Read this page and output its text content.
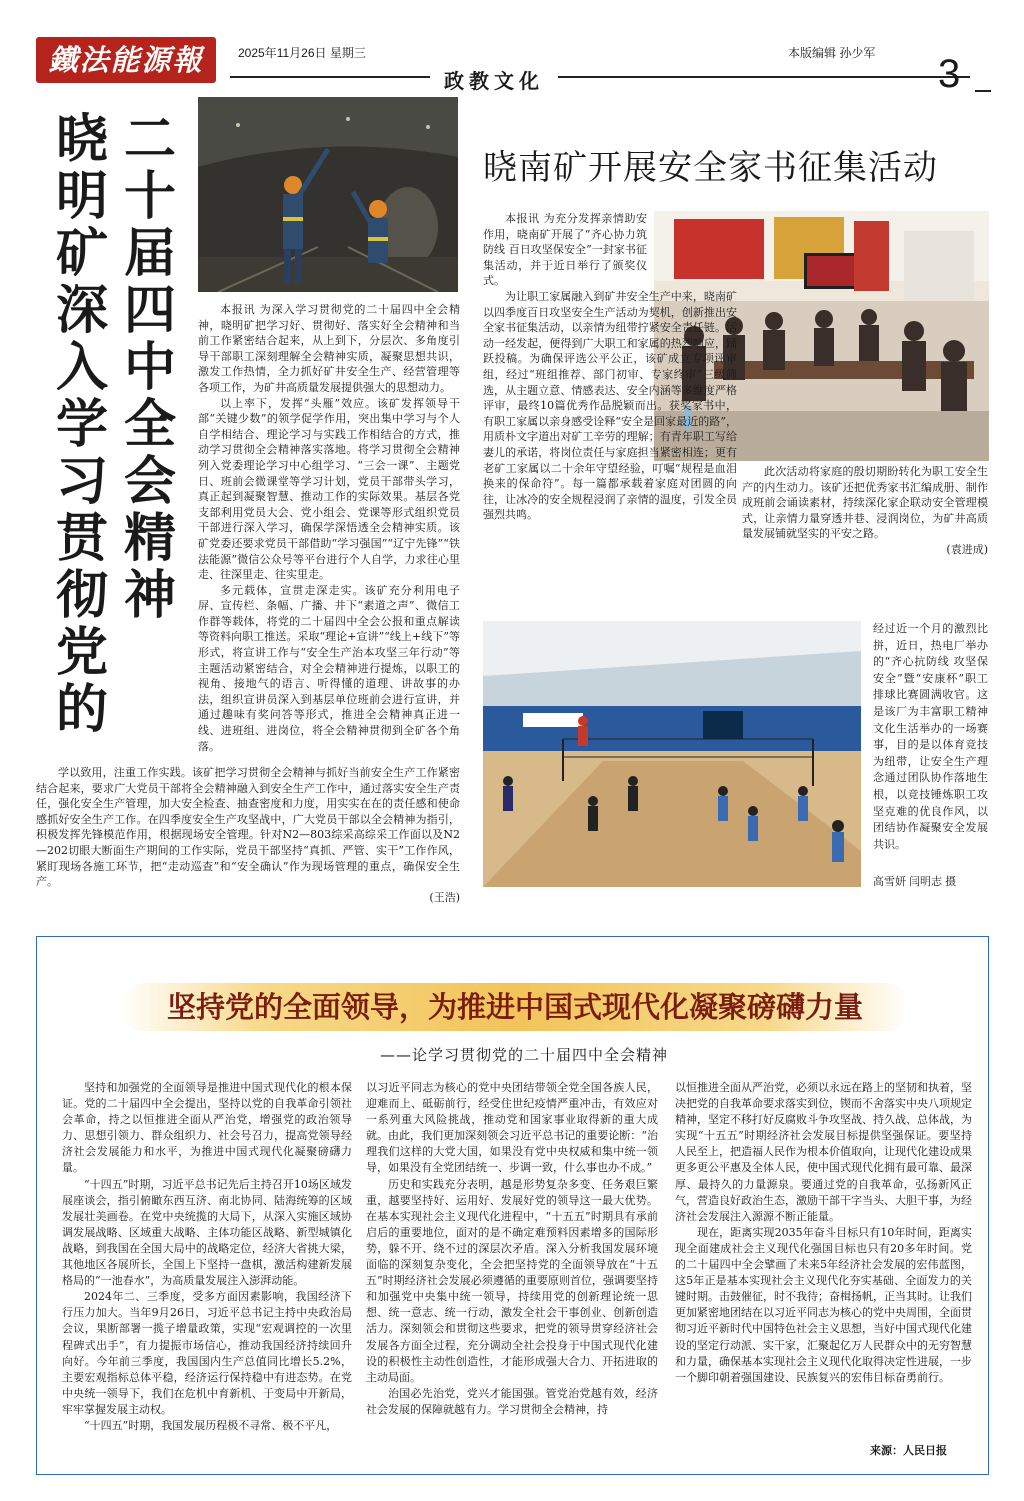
鐵法能源報	2025年11月26日 星期三	本版编辑 孙少军
政教文化	3
晓明矿深入学习贯彻党的
二十届四中全会精神

本报讯 为深入学习贯彻党的二十届四中全会精神，晓明矿把学习好、贯彻好、落实好全会精神和当前工作紧密结合起来，从上到下，分层次、多角度引导干部职工深刻理解全会精神实质，凝聚思想共识，激发工作热情，全力抓好矿井安全生产、经营管理等各项工作，为矿井高质量发展提供强大的思想动力。

以上率下，发挥“头雁”效应。该矿发挥领导干部“关键少数”的领学促学作用，突出集中学习与个人自学相结合、理论学习与实践工作相结合的方式，推动学习贯彻全会精神落实落地。将学习贯彻全会精神列入党委理论学习中心组学习、“三会一课”、主题党日、班前会微课堂等学习计划，党员干部带头学习，真正起到凝聚智慧、推动工作的实际效果。基层各党支部利用党员大会、党小组会、党课等形式组织党员干部进行深入学习，确保学深悟透全会精神实质。该矿党委还要求党员干部借助“学习强国”“辽宁先锋”“铁法能源”微信公众号等平台进行个人自学，力求往心里走、往深里走、往实里走。

多元载体，宣贯走深走实。该矿充分利用电子屏、宣传栏、条幅、广播、井下“素道之声”、微信工作群等载体，将党的二十届四中全会公报和重点解读等资料向职工推送。采取“理论+宣讲”“线上+线下”等形式，将宣讲工作与“安全生产治本攻坚三年行动”等主题活动紧密结合，对全会精神进行提炼，以职工的视角、接地气的语言、听得懂的道理、讲故事的办法，组织宣讲员深入到基层单位班前会进行宣讲，并通过趣味有奖问答等形式，推进全会精神真正进一线、进班组、进岗位，将全会精神贯彻到全矿各个角落。

学以致用，注重工作实践。该矿把学习贯彻全会精神与抓好当前安全生产工作紧密结合起来，要求广大党员干部将全会精神融入到安全生产工作中，通过落实安全生产责任，强化安全生产管理，加大安全检查、抽查密度和力度，用实实在在的责任感和使命感抓好安全生产工作。在四季度安全生产攻坚战中，广大党员干部以全会精神为指引，积极发挥先锋模范作用，根据现场安全管理。针对N2—803综采高综采工作面以及N2—202切眼大断面生产期间的工作实际，党员干部坚持“真抓、严管、实干”工作作风，紧盯现场各施工环节，把“走动巡查”和“安全确认”作为现场管理的重点，确保安全生产。

(王浩)
晓南矿开展安全家书征集活动

本报讯 为充分发挥亲情助安作用，晓南矿开展了“齐心协力筑防线 百日攻坚保安全”一封家书征集活动，并于近日举行了颁奖仪式。

为让职工家属融入到矿井安全生产中来，晓南矿以四季度百日攻坚安全生产活动为契机，创新推出安全家书征集活动，以亲情为纽带拧紧安全责任链。活动一经发起，便得到广大职工和家属的热烈响应，踊跃投稿。为确保评选公平公正，该矿成立专项评审组，经过“班组推荐、部门初审、专家终审”三级筛选，从主题立意、情感表达、安全内涵等多维度严格评审，最终10篇优秀作品脱颖而出。获奖家书中，有职工家属以亲身感受诠释“安全是回家最近的路”，用质朴文字道出对矿工辛劳的理解；有青年职工写给妻儿的承诺，将岗位责任与家庭担当紧密相连；更有老矿工家属以二十余年守望经验，叮嘱“规程是血泪换来的保命符”。每一篇都承载着家庭对团圆的向往，让冰冷的安全规程浸润了亲情的温度，引发全员强烈共鸣。

此次活动将家庭的殷切期盼转化为职工安全生产的内生动力。该矿还把优秀家书汇编成册、制作成班前会诵读素材，持续深化家企联动安全管理模式，让亲情力量穿透井巷、浸润岗位，为矿井高质量发展铺就坚实的平安之路。

(袁进成)
经过近一个月的激烈比拼，近日，热电厂举办的“齐心抗防线 攻坚保安全”暨“安康杯”职工排球比赛圆满收官。这是该厂为丰富职工精神文化生活举办的一场赛事，目的是以体育竞技为纽带，让安全生产理念通过团队协作落地生根，以竞技锤炼职工攻坚克难的优良作风，以团结协作凝聚安全发展共识。
高雪妍 闫明志 摄
坚持党的全面领导，为推进中国式现代化凝聚磅礴力量
——论学习贯彻党的二十届四中全会精神

坚持和加强党的全面领导是推进中国式现代化的根本保证。党的二十届四中全会提出，坚持以党的自我革命引领社会革命，持之以恒推进全面从严治党，增强党的政治领导力、思想引领力、群众组织力、社会号召力，提高党领导经济社会发展能力和水平，为推进中国式现代化凝聚磅礴力量。

“十四五”时期，习近平总书记先后主持召开10场区域发展座谈会，指引俯瞰东西互济、南北协同、陆海统筹的区域发展壮美画卷。在党中央统揽的大局下，从深入实施区域协调发展战略、区域重大战略、主体功能区战略、新型城镇化战略，到我国在全国大局中的战略定位，经济大省挑大梁，其他地区各展所长，全国上下坚持一盘棋，激活构建新发展格局的“一池春水”，为高质量发展注入澎湃动能。

2024年二、三季度，受多方面因素影响，我国经济下行压力加大。当年9月26日，习近平总书记主持中央政治局会议，果断部署一揽子增量政策，实现“宏观调控的一次里程碑式出手”，有力提振市场信心，推动我国经济持续回升向好。今年前三季度，我国国内生产总值同比增长5.2%，主要宏观指标总体平稳，经济运行保持稳中有进态势。在党中央统一领导下，我们在危机中育新机、于变局中开新局，牢牢掌握发展主动权。

“十四五”时期，我国发展历程极不寻常、极不平凡，

以习近平同志为核心的党中央团结带领全党全国各族人民，迎难而上、砥砺前行，经受住世纪疫情严重冲击，有效应对一系列重大风险挑战，推动党和国家事业取得新的重大成就。由此，我们更加深刻领会习近平总书记的重要论断：“治理我们这样的大党大国，如果没有党中央权威和集中统一领导，如果没有全党团结统一、步调一致，什么事也办不成。”

历史和实践充分表明，越是形势复杂多变、任务艰巨繁重，越要坚持好、运用好、发展好党的领导这一最大优势。在基本实现社会主义现代化进程中，“十五五”时期具有承前启后的重要地位，面对的是不确定难预料因素增多的国际形势，躲不开、绕不过的深层次矛盾。深入分析我国发展环境面临的深刻复杂变化，全会把坚持党的全面领导放在“十五五”时期经济社会发展必须遵循的重要原则首位，强调要坚持和加强党中央集中统一领导，持续用党的创新理论统一思想、统一意志、统一行动，激发全社会干事创业、创新创造活力。深刻领会和贯彻这些要求，把党的领导贯穿经济社会发展各方面全过程，充分调动全社会投身于中国式现代化建设的积极性主动性创造性，才能形成强大合力、开拓进取的主动局面。

治国必先治党，党兴才能国强。管党治党越有效，经济社会发展的保障就越有力。学习贯彻全会精神，持

以恒推进全面从严治党，必须以永远在路上的坚韧和执着，坚决把党的自我革命要求落实到位，锲而不舍落实中央八项规定精神，坚定不移打好反腐败斗争攻坚战、持久战、总体战，为实现“十五五”时期经济社会发展目标提供坚强保证。要坚持人民至上，把造福人民作为根本价值取向，让现代化建设成果更多更公平惠及全体人民，使中国式现代化拥有最可靠、最深厚、最持久的力量源泉。要通过党的自我革命，弘扬新风正气，营造良好政治生态，激励干部干字当头、大胆干事，为经济社会发展注入源源不断正能量。

现在，距离实现2035年奋斗目标只有10年时间，距离实现全面建成社会主义现代化强国目标也只有20多年时间。党的二十届四中全会擘画了未来5年经济社会发展的宏伟蓝图，这5年正是基本实现社会主义现代化夯实基础、全面发力的关键时期。击鼓催征，时不我待；奋楫扬帆，正当其时。让我们更加紧密地团结在以习近平同志为核心的党中央周围，全面贯彻习近平新时代中国特色社会主义思想，当好中国式现代化建设的坚定行动派、实干家，汇聚起亿万人民群众中的无穷智慧和力量，确保基本实现社会主义现代化取得决定性进展，一步一个脚印朝着强国建设、民族复兴的宏伟目标奋勇前行。

来源：人民日报
